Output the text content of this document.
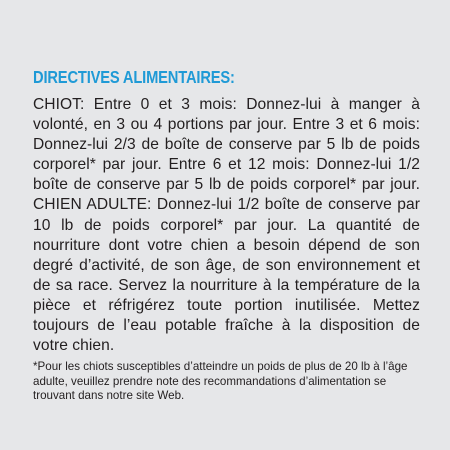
DIRECTIVES ALIMENTAIRES:

CHIOT: Entre 0 et 3 mois: Donnez-lui à manger à volonté, en 3 ou 4 portions par jour. Entre 3 et 6 mois: Donnez-lui 2/3 de boîte de conserve par 5 lb de poids corporel* par jour. Entre 6 et 12 mois: Donnez-lui 1/2 boîte de conserve par 5 lb de poids corporel* par jour. CHIEN ADULTE: Donnez-lui 1/2 boîte de conserve par 10 lb de poids corporel* par jour. La quantité de nourriture dont votre chien a besoin dépend de son degré d’activité, de son âge, de son environnement et de sa race. Servez la nourriture à la température de la pièce et réfrigérez toute portion inutilisée. Mettez toujours de l’eau potable fraîche à la disposition de votre chien.

*Pour les chiots susceptibles d’atteindre un poids de plus de 20 lb à l’âge adulte, veuillez prendre note des recommandations d’alimentation se trouvant dans notre site Web.
